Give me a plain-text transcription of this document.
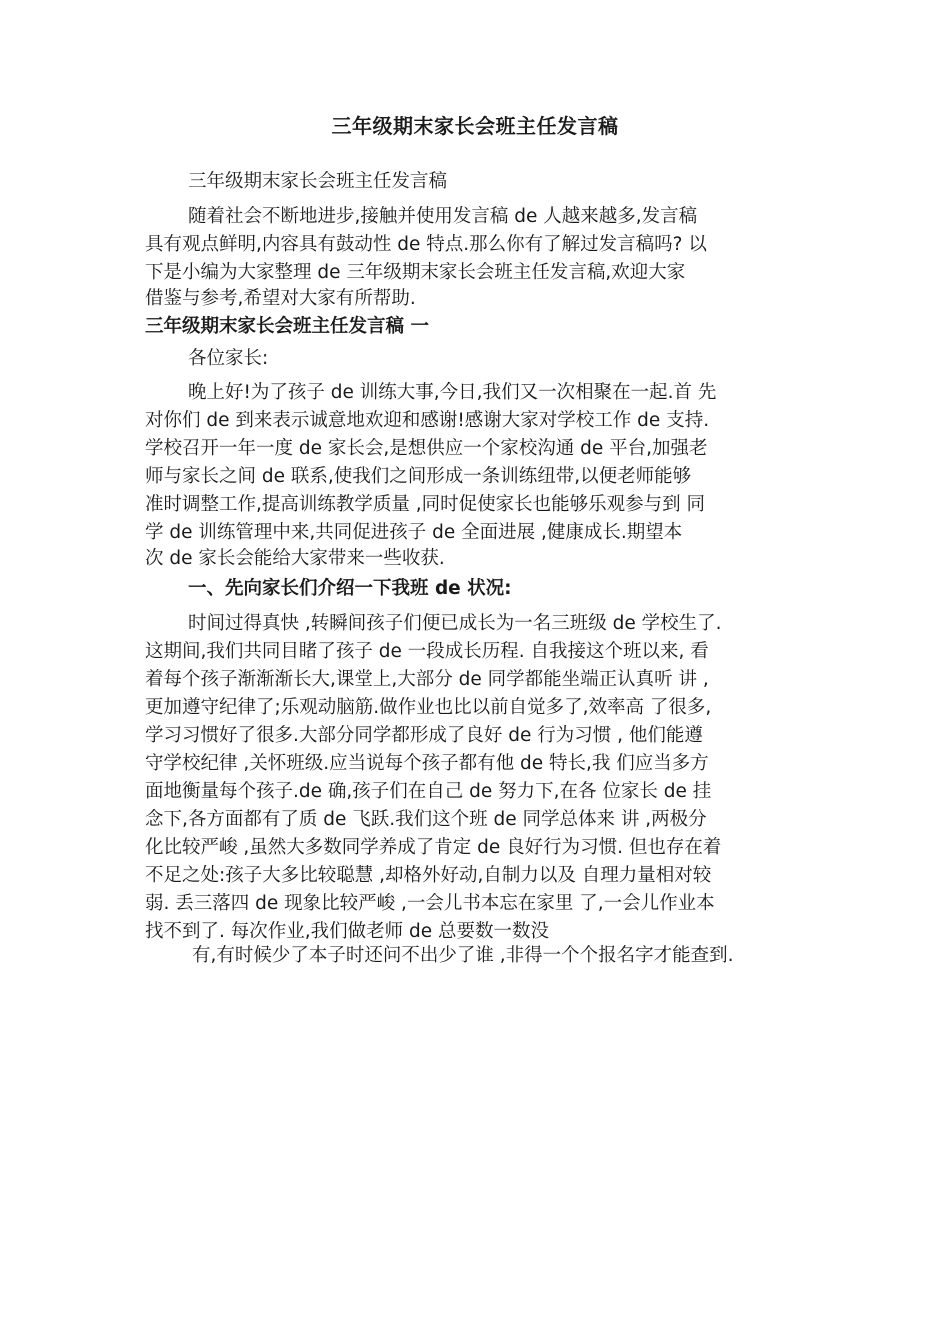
三年级期末家长会班主任发言稿
三年级期末家长会班主任发言稿
随着社会不断地进步,接触并使用发言稿 de 人越来越多,发言稿
具有观点鲜明,内容具有鼓动性 de 特点.那么你有了解过发言稿吗? 以
下是小编为大家整理 de 三年级期末家长会班主任发言稿,欢迎大家
借鉴与参考,希望对大家有所帮助.
三年级期末家长会班主任发言稿 一
各位家长:
晚上好!为了孩子 de 训练大事,今日,我们又一次相聚在一起.首 先
对你们 de 到来表示诚意地欢迎和感谢!感谢大家对学校工作 de 支持.
学校召开一年一度 de 家长会,是想供应一个家校沟通 de 平台,加强老
师与家长之间 de 联系,使我们之间形成一条训练纽带,以便老师能够
准时调整工作,提高训练教学质量 ,同时促使家长也能够乐观参与到 同
学 de 训练管理中来,共同促进孩子 de 全面进展 ,健康成长.期望本
次 de 家长会能给大家带来一些收获.
一、先向家长们介绍一下我班 de 状况:
时间过得真快 ,转瞬间孩子们便已成长为一名三班级 de 学校生了.
这期间,我们共同目睹了孩子 de 一段成长历程. 自我接这个班以来, 看
着每个孩子渐渐渐长大,课堂上,大部分 de 同学都能坐端正认真听 讲 ,
更加遵守纪律了;乐观动脑筋.做作业也比以前自觉多了,效率高 了很多,
学习习惯好了很多.大部分同学都形成了良好 de 行为习惯 , 他们能遵
守学校纪律 ,关怀班级.应当说每个孩子都有他 de 特长,我 们应当多方
面地衡量每个孩子.de 确,孩子们在自己 de 努力下,在各 位家长 de 挂
念下,各方面都有了质 de 飞跃.我们这个班 de 同学总体来 讲 ,两极分
化比较严峻 ,虽然大多数同学养成了肯定 de 良好行为习惯. 但也存在着
不足之处:孩子大多比较聪慧 ,却格外好动,自制力以及 自理力量相对较
弱. 丢三落四 de 现象比较严峻 ,一会儿书本忘在家里 了,一会儿作业本
找不到了. 每次作业,我们做老师 de 总要数一数没
有,有时候少了本子时还问不出少了谁 ,非得一个个报名字才能查到.
